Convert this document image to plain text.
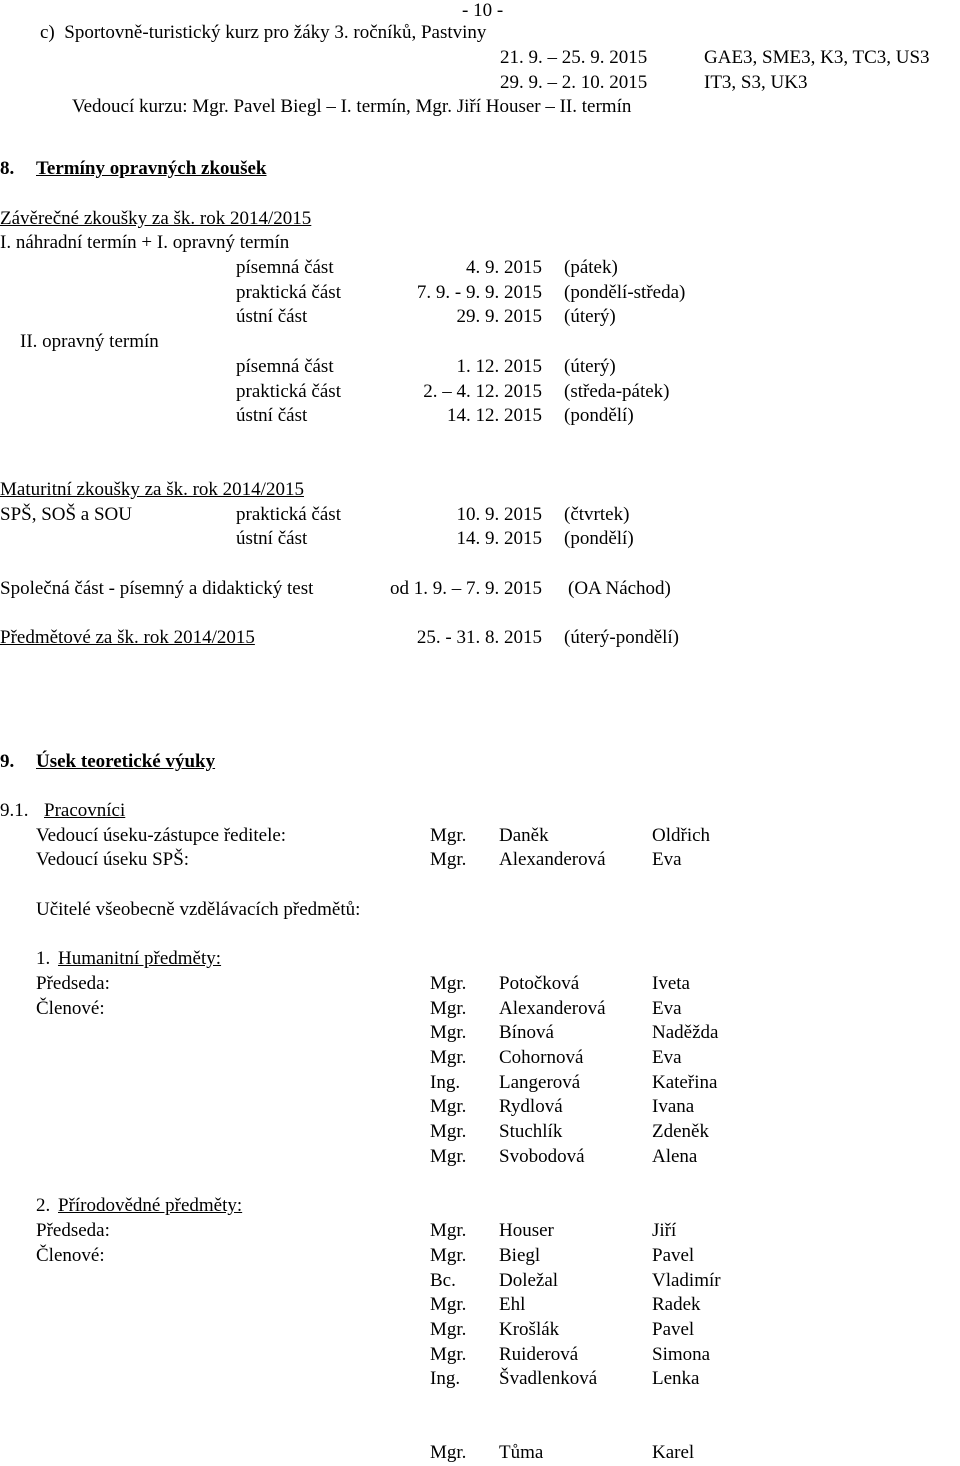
- 10 -
c) Sportovně-turistický kurz pro žáky 3. ročníků, Pastviny
21. 9. – 25. 9. 2015	GAE3, SME3, K3, TC3, US3
29. 9. – 2. 10. 2015	IT3, S3, UK3
Vedoucí kurzu: Mgr. Pavel Biegl – I. termín, Mgr. Jiří Houser – II. termín
8. Termíny opravných zkoušek
Závěrečné zkoušky za šk. rok 2014/2015
I. náhradní termín + I. opravný termín
písemná část	4. 9. 2015 (pátek)
praktická část	7. 9. - 9. 9. 2015 (pondělí-středa)
ústní část	29. 9. 2015 (úterý)
II. opravný termín
písemná část	1. 12. 2015 (úterý)
praktická část	2. – 4. 12. 2015 (středa-pátek)
ústní část	14. 12. 2015 (pondělí)
Maturitní zkoušky za šk. rok 2014/2015
SPŠ, SOŠ a SOU	praktická část	10. 9. 2015 (čtvrtek)
ústní část	14. 9. 2015 (pondělí)
Společná část - písemný a didaktický test	od 1. 9. – 7. 9. 2015 (OA Náchod)
Předmětové za šk. rok 2014/2015	25. - 31. 8. 2015 (úterý-pondělí)
9. Úsek teoretické výuky
9.1. Pracovníci
Vedoucí úseku-zástupce ředitele:	Mgr. Daněk	Oldřich
Vedoucí úseku SPŠ:	Mgr. Alexanderová Eva
Učitelé všeobecně vzdělávacích předmětů:
1. Humanitní předměty:
Předseda:	Mgr. Potočková	Iveta
Členové:	Mgr. Alexanderová Eva
Mgr. Bínová	Naděžda
Mgr. Cohornová	Eva
Ing. Langerová	Kateřina
Mgr. Rydlová	Ivana
Mgr. Stuchlík	Zdeněk
Mgr. Svobodová	Alena
2. Přírodovědné předměty:
Předseda:	Mgr. Houser	Jiří
Členové:	Mgr. Biegl	Pavel
Bc. Doležal	Vladimír
Mgr. Ehl	Radek
Mgr. Krošlák	Pavel
Mgr. Ruiderová	Simona
Ing. Švadlenková	Lenka
Mgr. Tůma	Karel
